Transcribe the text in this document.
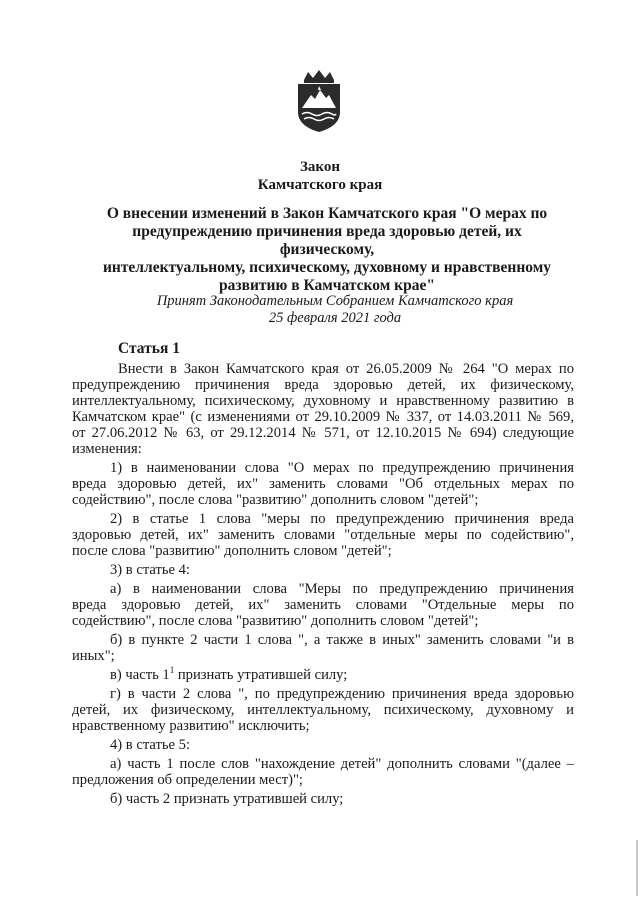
Закон
Камчатского края
О внесении изменений в Закон Камчатского края "О мерах по
предупреждению причинения вреда здоровью детей, их физическому,
интеллектуальному, психическому, духовному и нравственному
развитию в Камчатском крае"
Принят Законодательным Собранием Камчатского края
25 февраля 2021 года
Статья 1
Внести в Закон Камчатского края от 26.05.2009 № 264 "О мерах по
предупреждению причинения вреда здоровью детей, их физическому,
интеллектуальному, психическому, духовному и нравственному развитию в
Камчатском крае" (с изменениями от 29.10.2009 № 337, от 14.03.2011 № 569,
от 27.06.2012 № 63, от 29.12.2014 № 571, от 12.10.2015 № 694) следующие
изменения:
1) в наименовании слова "О мерах по предупреждению причинения
вреда здоровью детей, их" заменить словами "Об отдельных мерах по
содействию", после слова "развитию" дополнить словом "детей";
2) в статье 1 слова "меры по предупреждению причинения вреда
здоровью детей, их" заменить словами "отдельные меры по содействию",
после слова "развитию" дополнить словом "детей";
3) в статье 4:
а) в наименовании слова "Меры по предупреждению причинения
вреда здоровью детей, их" заменить словами "Отдельные меры по
содействию", после слова "развитию" дополнить словом "детей";
б) в пункте 2 части 1 слова ", а также в иных" заменить словами "и в
иных";
в) часть $1^1$ признать утратившей силу;
г) в части 2 слова ", по предупреждению причинения вреда здоровью
детей, их физическому, интеллектуальному, психическому, духовному и
нравственному развитию" исключить;
4) в статье 5:
а) часть 1 после слов "нахождение детей" дополнить словами "(далее –
предложения об определении мест)";
б) часть 2 признать утратившей силу;
